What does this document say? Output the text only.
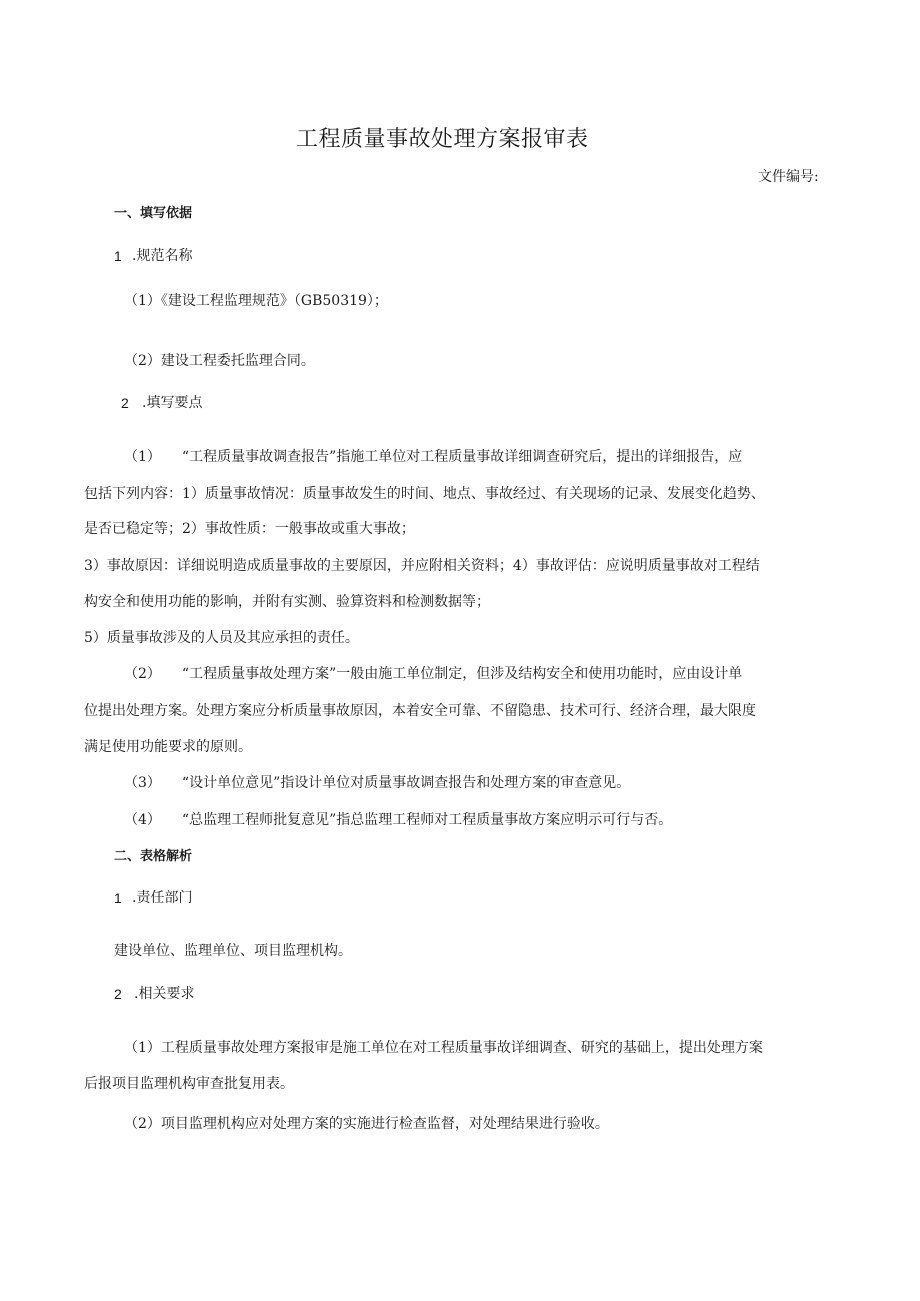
工程质量事故处理方案报审表
文件编号:
一、填写依据
1 .规范名称
（1）《建设工程监理规范》（GB50319）；
（2）建设工程委托监理合同。
2 .填写要点
（1）　　“工程质量事故调查报告”指施工单位对工程质量事故详细调查研究后，提出的详细报告，应
包括下列内容：1）质量事故情况：质量事故发生的时间、地点、事故经过、有关现场的记录、发展变化趋势、
是否已稳定等；2）事故性质：一般事故或重大事故；
3）事故原因：详细说明造成质量事故的主要原因，并应附相关资料；4）事故评估：应说明质量事故对工程结
构安全和使用功能的影响，并附有实测、验算资料和检测数据等；
5）质量事故涉及的人员及其应承担的责任。
（2）　　“工程质量事故处理方案”一般由施工单位制定，但涉及结构安全和使用功能时，应由设计单
位提出处理方案。处理方案应分析质量事故原因，本着安全可靠、不留隐患、技术可行、经济合理，最大限度
满足使用功能要求的原则。
（3）　　“设计单位意见”指设计单位对质量事故调查报告和处理方案的审查意见。
（4）　　“总监理工程师批复意见”指总监理工程师对工程质量事故方案应明示可行与否。
二、表格解析
1 .责任部门
建设单位、监理单位、项目监理机构。
2 .相关要求
（1）工程质量事故处理方案报审是施工单位在对工程质量事故详细调查、研究的基础上，提出处理方案
后报项目监理机构审查批复用表。
（2）项目监理机构应对处理方案的实施进行检查监督，对处理结果进行验收。
